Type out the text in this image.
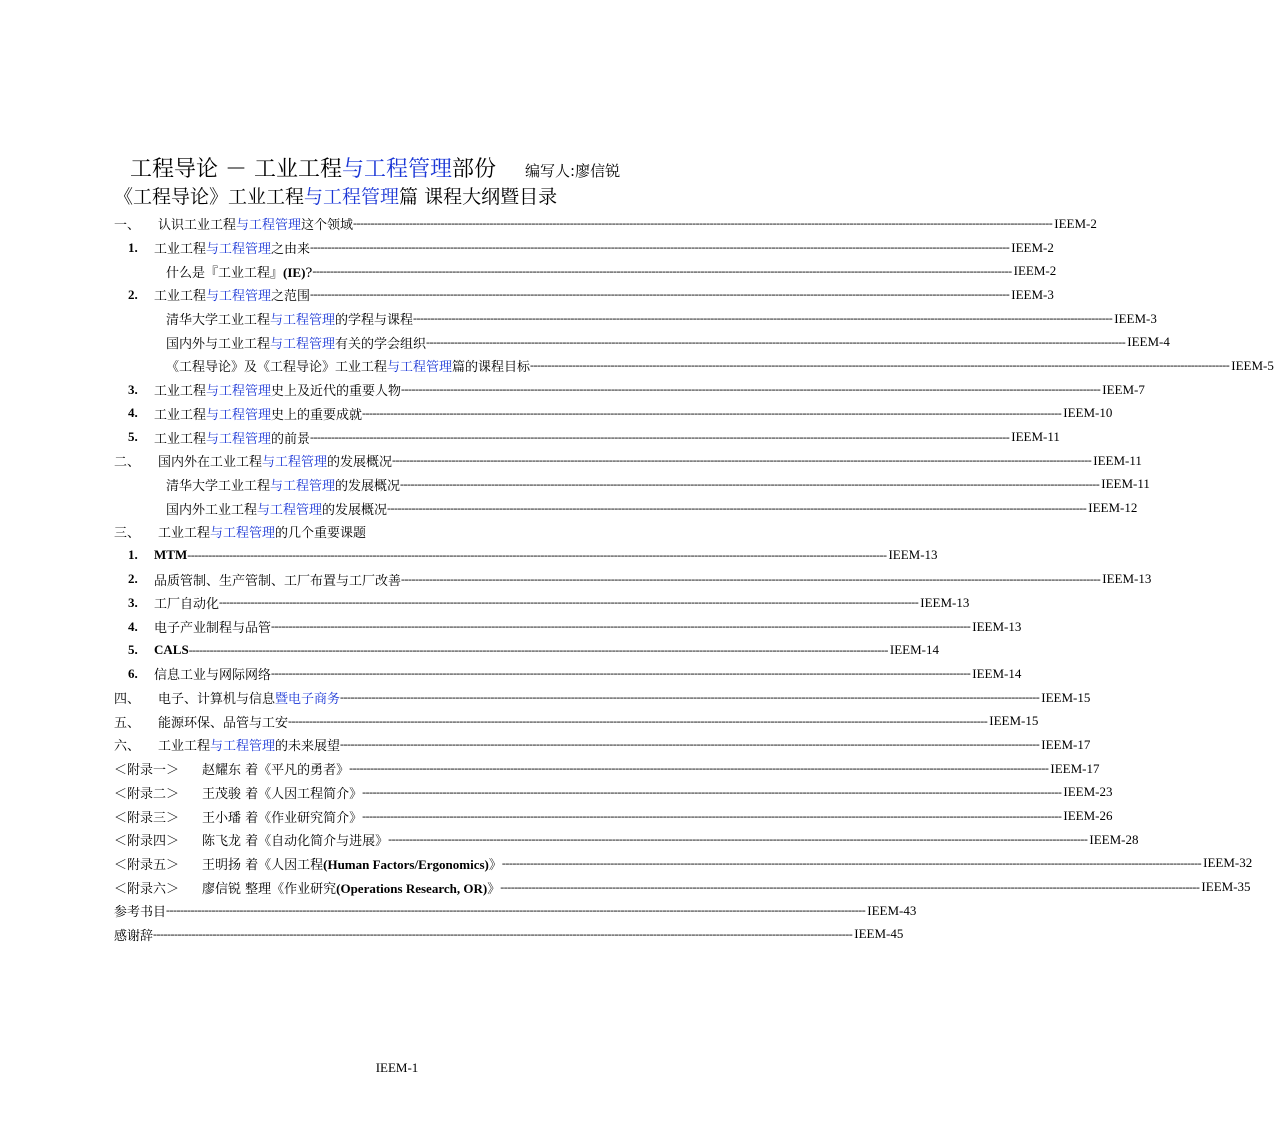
工程导论 － 工业工程与工程管理部份 编写人:廖信锐
《工程导论》工业工程与工程管理篇 课程大纲暨目录
一、	认识工业工程与工程管理这个领域 -------------------------------------------------------------------------------------------------------------------------------------------------------------------------------------------------------- IEEM-2
1.	工业工程与工程管理之由来 -------------------------------------------------------------------------------------------------------------------------------------------------------------------------------------------------------- IEEM-2
什么是『工业工程』(IE)? -------------------------------------------------------------------------------------------------------------------------------------------------------------------------------------------------------- IEEM-2
2.	工业工程与工程管理之范围 -------------------------------------------------------------------------------------------------------------------------------------------------------------------------------------------------------- IEEM-3
清华大学工业工程与工程管理的学程与课程 -------------------------------------------------------------------------------------------------------------------------------------------------------------------------------------------------------- IEEM-3
国内外与工业工程与工程管理有关的学会组织 -------------------------------------------------------------------------------------------------------------------------------------------------------------------------------------------------------- IEEM-4
《工程导论》及《工程导论》工业工程与工程管理篇的课程目标 -------------------------------------------------------------------------------------------------------------------------------------------------------------------------------------------------------- IEEM-5
3.	工业工程与工程管理史上及近代的重要人物 -------------------------------------------------------------------------------------------------------------------------------------------------------------------------------------------------------- IEEM-7
4.	工业工程与工程管理史上的重要成就 -------------------------------------------------------------------------------------------------------------------------------------------------------------------------------------------------------- IEEM-10
5.	工业工程与工程管理的前景 -------------------------------------------------------------------------------------------------------------------------------------------------------------------------------------------------------- IEEM-11
二、	国内外在工业工程与工程管理的发展概况 -------------------------------------------------------------------------------------------------------------------------------------------------------------------------------------------------------- IEEM-11
清华大学工业工程与工程管理的发展概况 -------------------------------------------------------------------------------------------------------------------------------------------------------------------------------------------------------- IEEM-11
国内外工业工程与工程管理的发展概况 -------------------------------------------------------------------------------------------------------------------------------------------------------------------------------------------------------- IEEM-12
三、	工业工程与工程管理的几个重要课题
1.	MTM -------------------------------------------------------------------------------------------------------------------------------------------------------------------------------------------------------- IEEM-13
2.	品质管制、生产管制、工厂布置与工厂改善 -------------------------------------------------------------------------------------------------------------------------------------------------------------------------------------------------------- IEEM-13
3.	工厂自动化 -------------------------------------------------------------------------------------------------------------------------------------------------------------------------------------------------------- IEEM-13
4.	电子产业制程与品管 -------------------------------------------------------------------------------------------------------------------------------------------------------------------------------------------------------- IEEM-13
5.	CALS -------------------------------------------------------------------------------------------------------------------------------------------------------------------------------------------------------- IEEM-14
6.	信息工业与网际网络 -------------------------------------------------------------------------------------------------------------------------------------------------------------------------------------------------------- IEEM-14
四、	电子、计算机与信息暨电子商务 -------------------------------------------------------------------------------------------------------------------------------------------------------------------------------------------------------- IEEM-15
五、	能源环保、品管与工安 -------------------------------------------------------------------------------------------------------------------------------------------------------------------------------------------------------- IEEM-15
六、	工业工程与工程管理的未来展望 -------------------------------------------------------------------------------------------------------------------------------------------------------------------------------------------------------- IEEM-17
＜附录一＞	赵耀东 着《平凡的勇者》 -------------------------------------------------------------------------------------------------------------------------------------------------------------------------------------------------------- IEEM-17
＜附录二＞	王茂骏 着《人因工程简介》 -------------------------------------------------------------------------------------------------------------------------------------------------------------------------------------------------------- IEEM-23
＜附录三＞	王小璠 着《作业研究简介》 -------------------------------------------------------------------------------------------------------------------------------------------------------------------------------------------------------- IEEM-26
＜附录四＞	陈飞龙 着《自动化简介与进展》 -------------------------------------------------------------------------------------------------------------------------------------------------------------------------------------------------------- IEEM-28
＜附录五＞	王明扬 着《人因工程(Human Factors/Ergonomics)》 -------------------------------------------------------------------------------------------------------------------------------------------------------------------------------------------------------- IEEM-32
＜附录六＞	廖信锐 整理《作业研究(Operations Research, OR)》 -------------------------------------------------------------------------------------------------------------------------------------------------------------------------------------------------------- IEEM-35
参考书目 -------------------------------------------------------------------------------------------------------------------------------------------------------------------------------------------------------- IEEM-43
感谢辞 -------------------------------------------------------------------------------------------------------------------------------------------------------------------------------------------------------- IEEM-45
IEEM-1
